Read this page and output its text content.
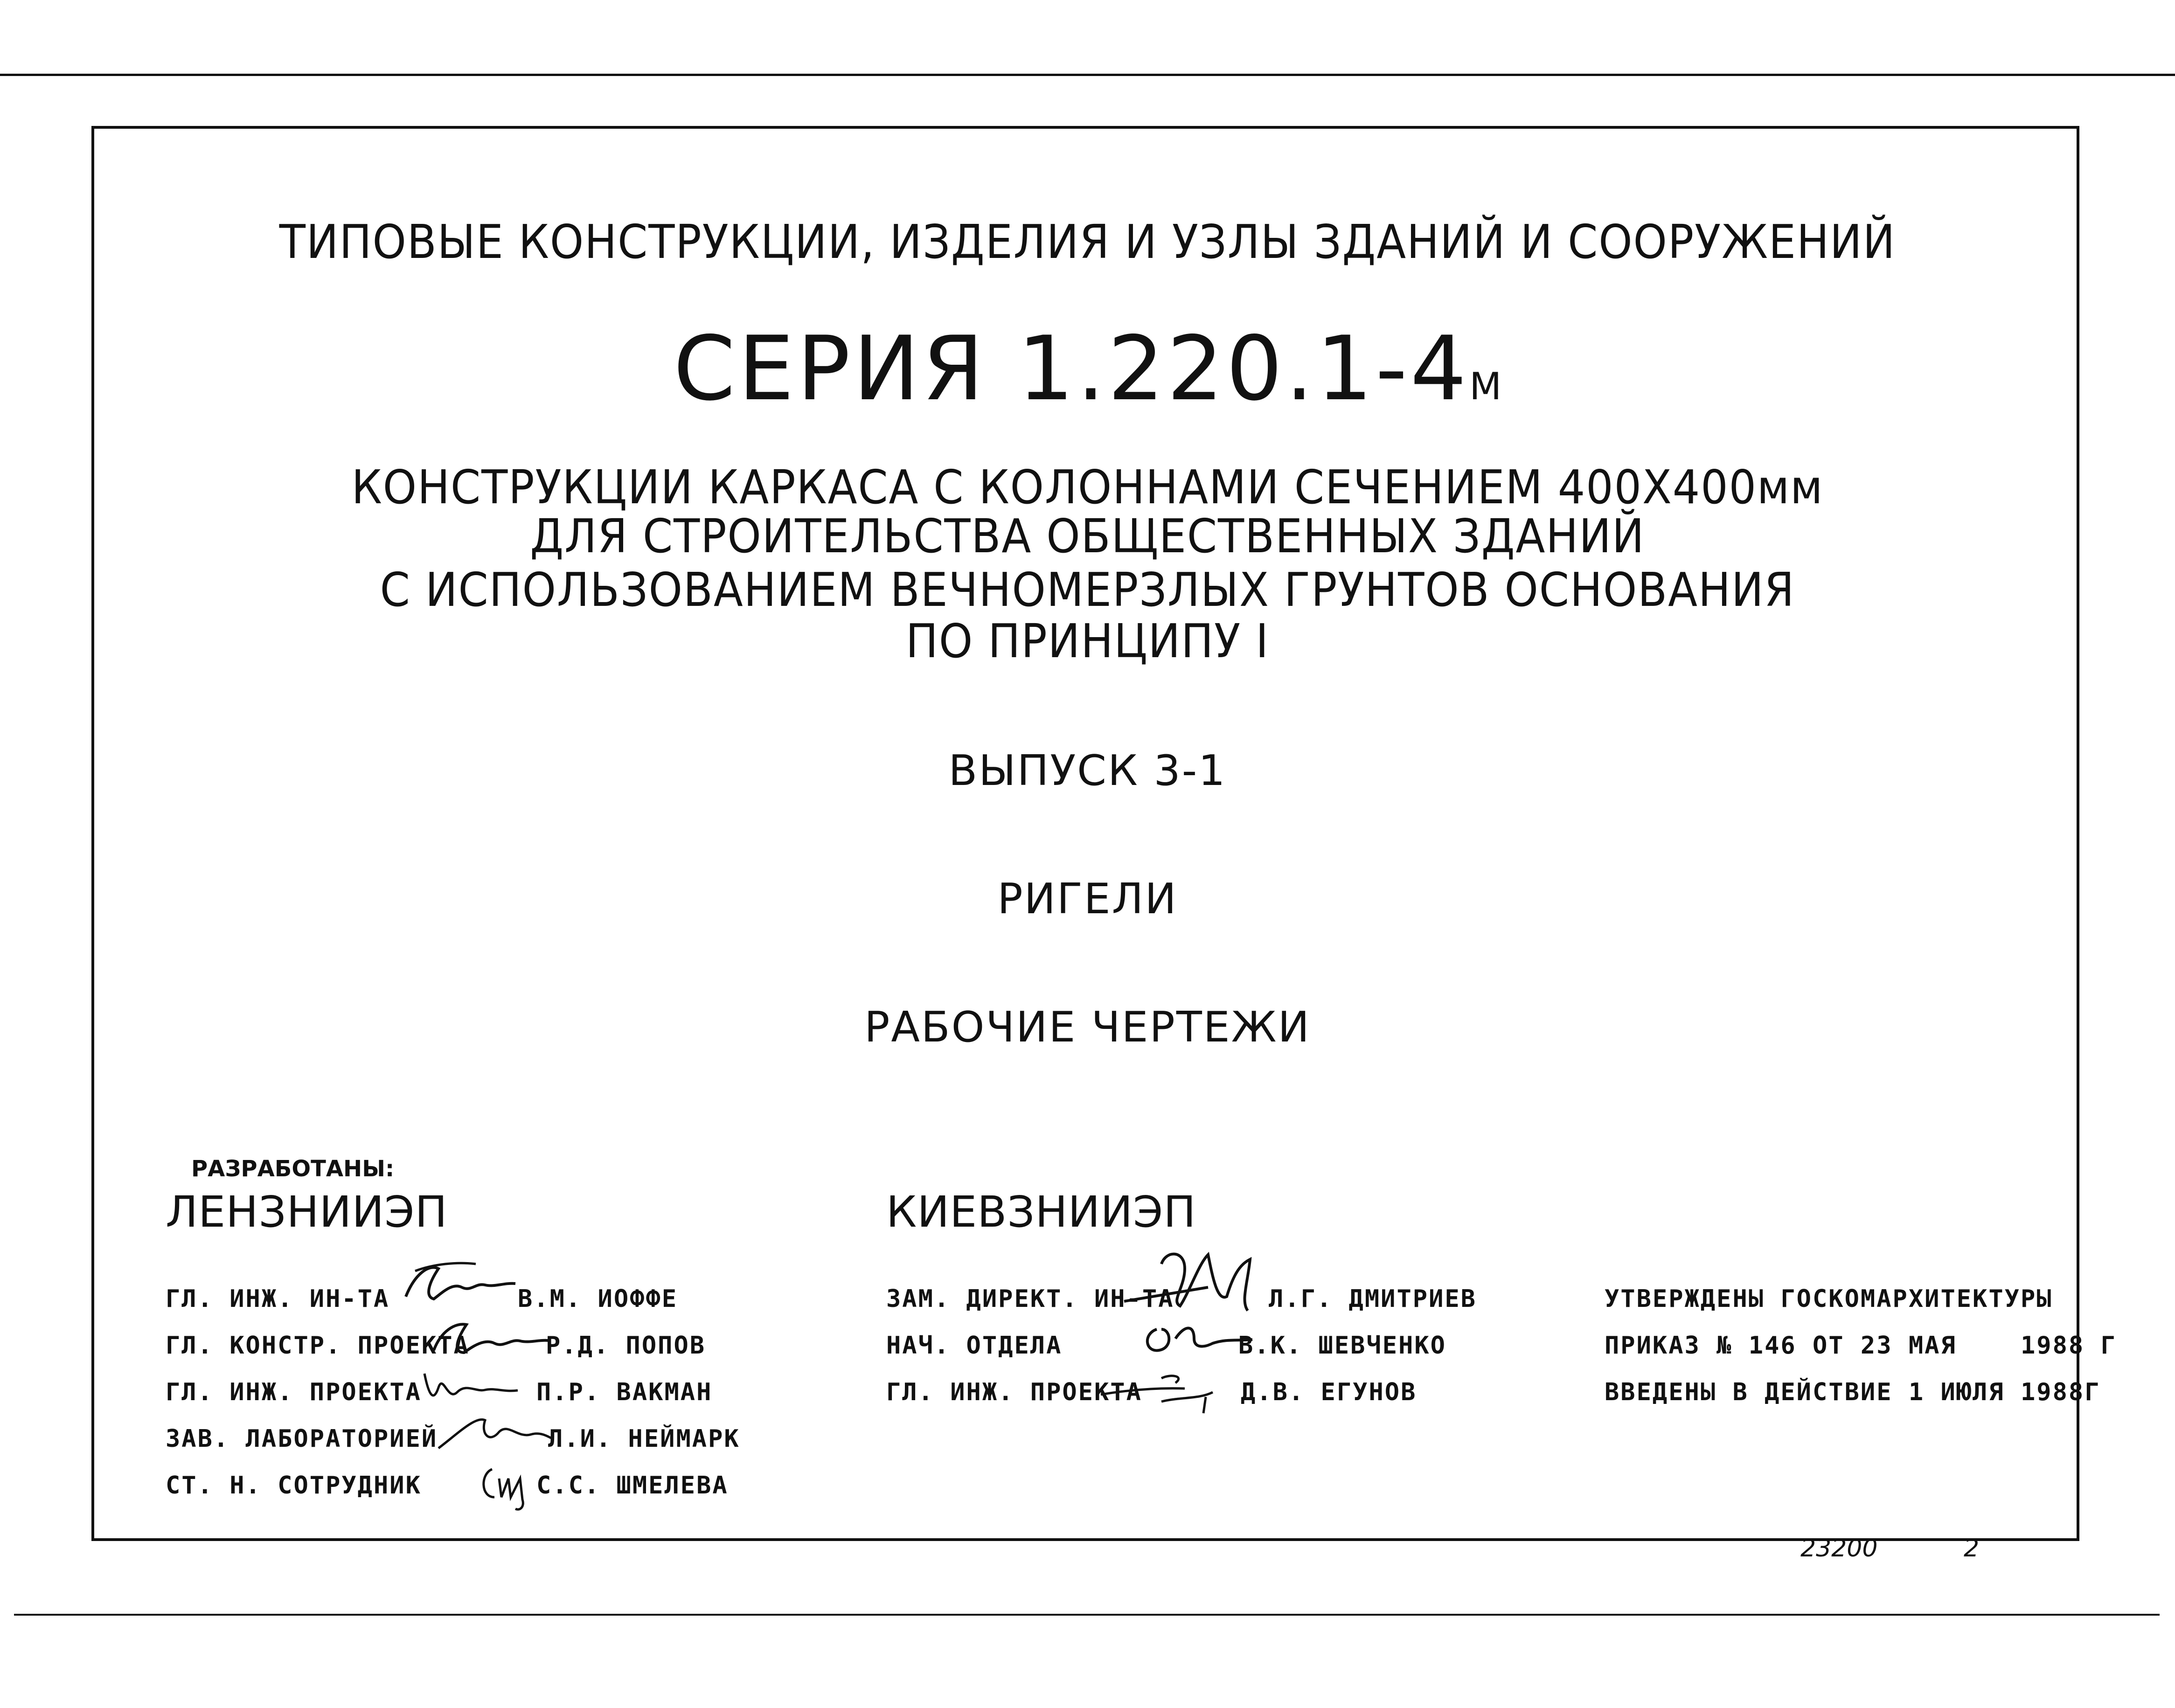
ТИПОВЫЕ КОНСТРУКЦИИ, ИЗДЕЛИЯ И УЗЛЫ ЗДАНИЙ И СООРУЖЕНИЙ
СЕРИЯ 1.220.1-4М
КОНСТРУКЦИИ КАРКАСА С КОЛОННАМИ СЕЧЕНИЕМ 400Х400мм
ДЛЯ СТРОИТЕЛЬСТВА ОБЩЕСТВЕННЫХ ЗДАНИЙ
С ИСПОЛЬЗОВАНИЕМ ВЕЧНОМЕРЗЛЫХ ГРУНТОВ ОСНОВАНИЯ
ПО ПРИНЦИПУ I
ВЫПУСК 3-1
РИГЕЛИ
РАБОЧИЕ ЧЕРТЕЖИ
РАЗРАБОТАНЫ:
ЛЕНЗНИИЭП	КИЕВЗНИИЭП
ГЛ. ИНЖ. ИН-ТА	В.М. ИОФФЕ
ГЛ. КОНСТР. ПРОЕКТА	Р.Д. ПОПОВ
ГЛ. ИНЖ. ПРОЕКТА	П.Р. ВАКМАН
ЗАВ. ЛАБОРАТОРИЕЙ	Л.И. НЕЙМАРК
СТ. Н. СОТРУДНИК	С.С. ШМЕЛЕВА
ЗАМ. ДИРЕКТ. ИН-ТА	Л.Г. ДМИТРИЕВ
НАЧ. ОТДЕЛА	В.К. ШЕВЧЕНКО
ГЛ. ИНЖ. ПРОЕКТА	Д.В. ЕГУНОВ
УТВЕРЖДЕНЫ ГОСКОМАРХИТЕКТУРЫ
ПРИКАЗ № 146 ОТ 23 МАЯ    1988 Г
ВВЕДЕНЫ В ДЕЙСТВИЕ 1 ИЮЛЯ 1988Г
23200	2
